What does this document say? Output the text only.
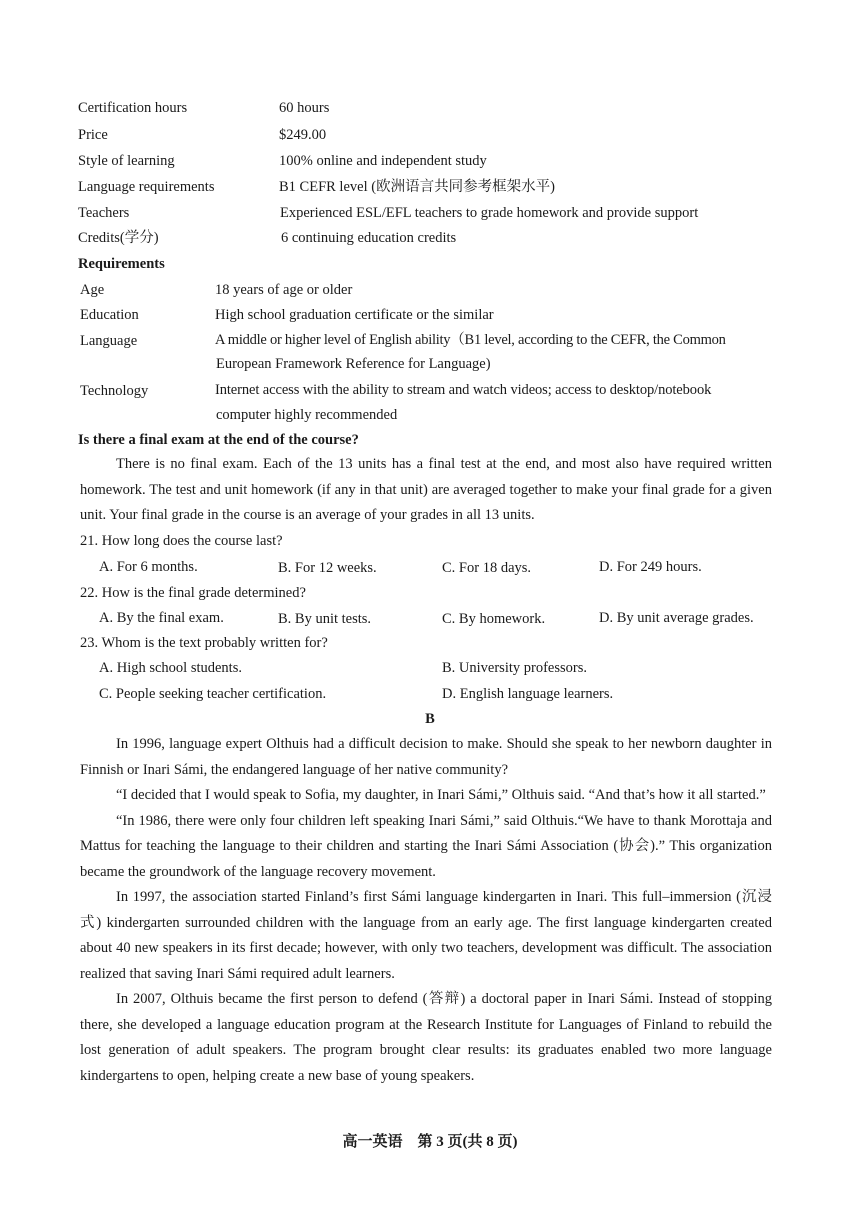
Certification hours	60 hours
Price	$249.00
Style of learning	100% online and independent study
Language requirements	B1 CEFR level (欧洲语言共同参考框架水平)
Teachers	Experienced ESL/EFL teachers to grade homework and provide support
Credits(学分)	6 continuing education credits
Requirements
Age	18 years of age or older
Education	High school graduation certificate or the similar
Language	A middle or higher level of English ability（B1 level, according to the CEFR, the Common
European Framework Reference for Language)
Technology	Internet access with the ability to stream and watch videos; access to desktop/notebook
computer highly recommended
Is there a final exam at the end of the course?

There is no final exam. Each of the 13 units has a final test at the end, and most also have required written homework. The test and unit homework (if any in that unit) are averaged together to make your final grade for a given unit. Your final grade in the course is an average of your grades in all 13 units.

21. How long does the course last?
A. For 6 months.	B. For 12 weeks.	C. For 18 days.	D. For 249 hours.
22. How is the final grade determined?
A. By the final exam.	B. By unit tests.	C. By homework.	D. By unit average grades.
23. Whom is the text probably written for?
A. High school students.	B. University professors.
C. People seeking teacher certification.	D. English language learners.
B

In 1996, language expert Olthuis had a difficult decision to make. Should she speak to her newborn daughter in Finnish or Inari Sámi, the endangered language of her native community?

“I decided that I would speak to Sofia, my daughter, in Inari Sámi,” Olthuis said. “And that’s how it all started.”

“In 1986, there were only four children left speaking Inari Sámi,” said Olthuis.“We have to thank Morottaja and Mattus for teaching the language to their children and starting the Inari Sámi Association (协会).” This organization became the groundwork of the language recovery movement.

In 1997, the association started Finland’s first Sámi language kindergarten in Inari. This full–immersion (沉浸式) kindergarten surrounded children with the language from an early age. The first language kindergarten created about 40 new speakers in its first decade; however, with only two teachers, development was difficult. The association realized that saving Inari Sámi required adult learners.

In 2007, Olthuis became the first person to defend (答辩) a doctoral paper in Inari Sámi. Instead of stopping there, she developed a language education program at the Research Institute for Languages of Finland to rebuild the lost generation of adult speakers. The program brought clear results: its graduates enabled two more language kindergartens to open, helping create a new base of young speakers.

高一英语　第 3 页(共 8 页)
